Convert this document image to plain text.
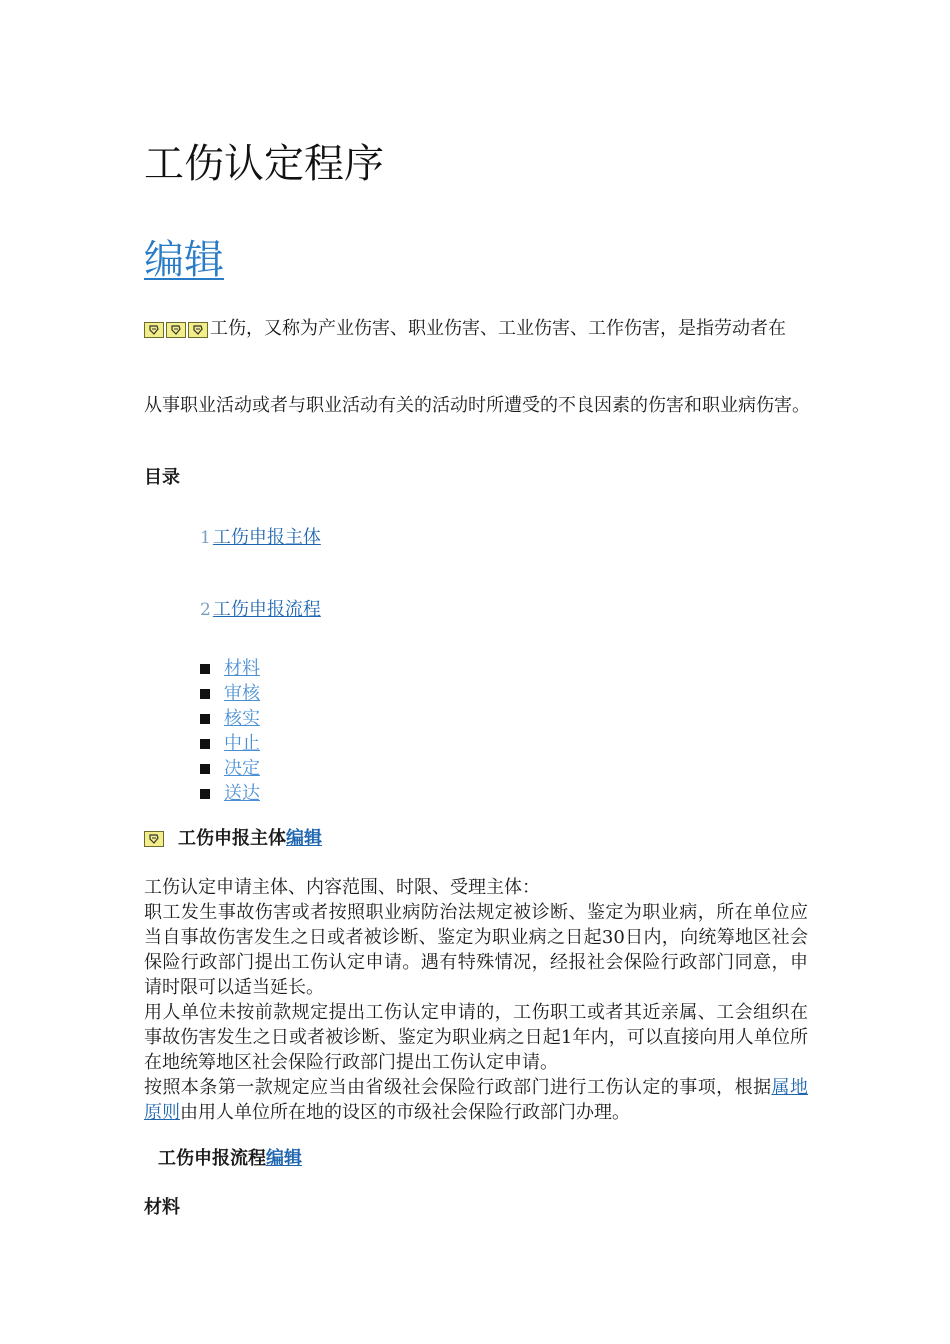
工伤认定程序
编辑
工伤，又称为产业伤害、职业伤害、工业伤害、工作伤害，是指劳动者在
从事职业活动或者与职业活动有关的活动时所遭受的不良因素的伤害和职业病伤害。
目录
1 工伤申报主体
2 工伤申报流程
材料
审核
核实
中止
决定
送达
工伤申报主体编辑

工伤认定申请主体、内容范围、时限、受理主体：

职工发生事故伤害或者按照职业病防治法规定被诊断、鉴定为职业病，所在单位应当自事故伤害发生之日或者被诊断、鉴定为职业病之日起30日内，向统筹地区社会保险行政部门提出工伤认定申请。遇有特殊情况，经报社会保险行政部门同意，申请时限可以适当延长。

用人单位未按前款规定提出工伤认定申请的，工伤职工或者其近亲属、工会组织在事故伤害发生之日或者被诊断、鉴定为职业病之日起1年内，可以直接向用人单位所在地统筹地区社会保险行政部门提出工伤认定申请。

按照本条第一款规定应当由省级社会保险行政部门进行工伤认定的事项，根据属地原则由用人单位所在地的设区的市级社会保险行政部门办理。

工伤申报流程编辑
材料
